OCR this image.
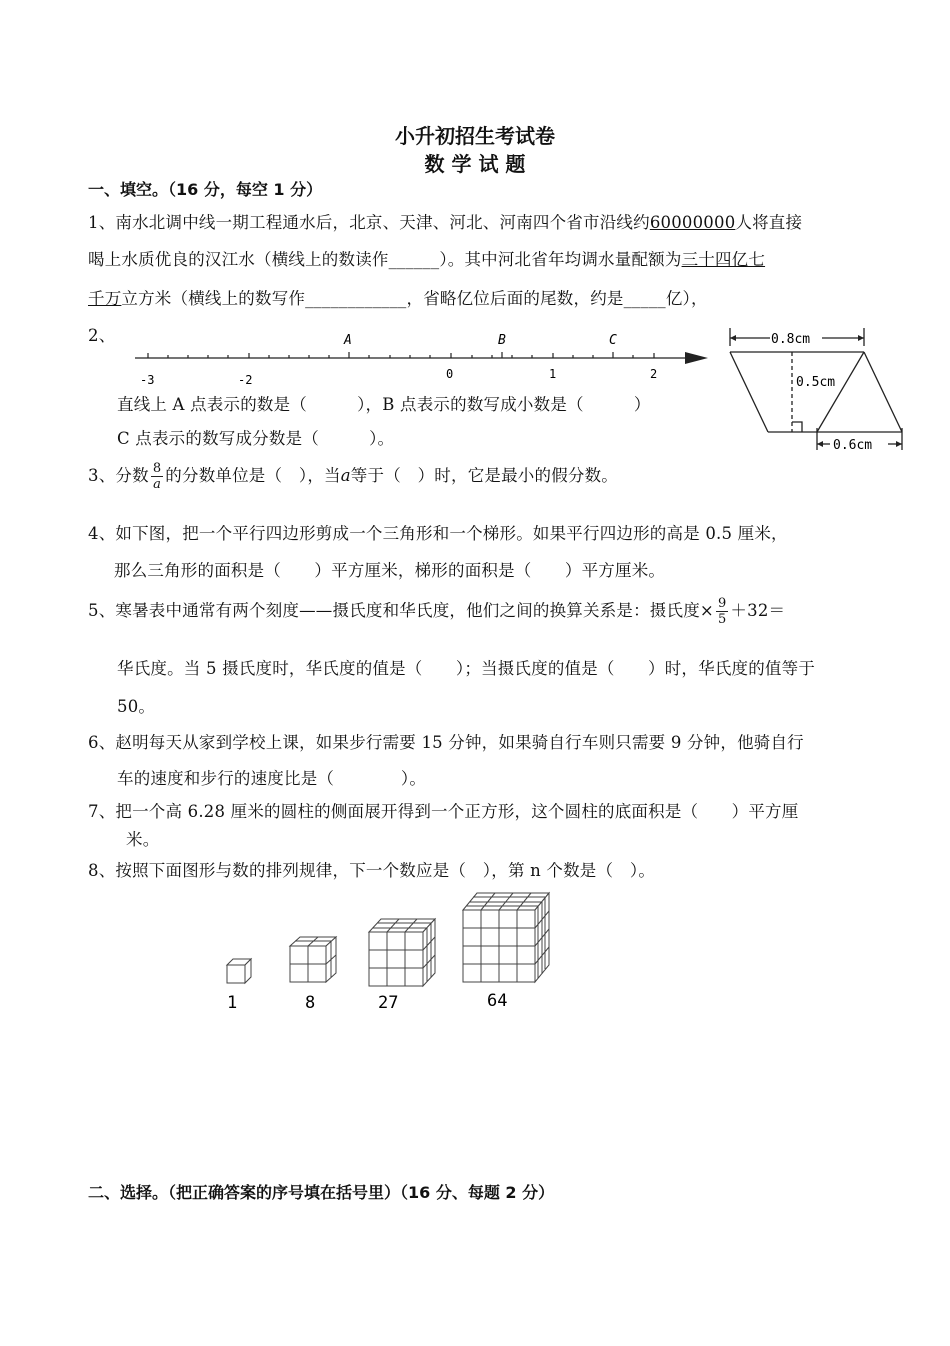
小升初招生考试卷
数 学 试 题
一、填空。（16 分，每空 1 分）
1、南水北调中线一期工程通水后，北京、天津、河北、河南四个省市沿线约60000000人将直接
喝上水质优良的汉江水（横线上的数读作______）。其中河北省年均调水量配额为三十四亿七
千万立方米（横线上的数写作____________，省略亿位后面的尾数，约是_____亿），
2、
-3	-2	0	1	2
A	B	C
直线上 A 点表示的数是（　　　），B 点表示的数写成小数是（　　　）
C 点表示的数写成分数是（　　　）。
0.8cm
0.5cm
0.6cm
3、分数 $\frac{8}{a}$ 的分数单位是（　），当a等于（　）时，它是最小的假分数。
4、如下图，把一个平行四边形剪成一个三角形和一个梯形。如果平行四边形的高是 0.5 厘米，
那么三角形的面积是（　　）平方厘米，梯形的面积是（　　）平方厘米。
5、寒暑表中通常有两个刻度——摄氏度和华氏度，他们之间的换算关系是：摄氏度× $\frac{9}{5} +32=$
华氏度。当 5 摄氏度时，华氏度的值是（　　）；当摄氏度的值是（　　）时，华氏度的值等于
50。
6、赵明每天从家到学校上课，如果步行需要 15 分钟，如果骑自行车则只需要 9 分钟，他骑自行
车的速度和步行的速度比是（　　　　）。
7、把一个高 6.28 厘米的圆柱的侧面展开得到一个正方形，这个圆柱的底面积是（　　）平方厘
米。
8、按照下面图形与数的排列规律，下一个数应是（　），第 n 个数是（　）。
1	8	27	64
二、选择。（把正确答案的序号填在括号里）（16 分、每题 2 分）
